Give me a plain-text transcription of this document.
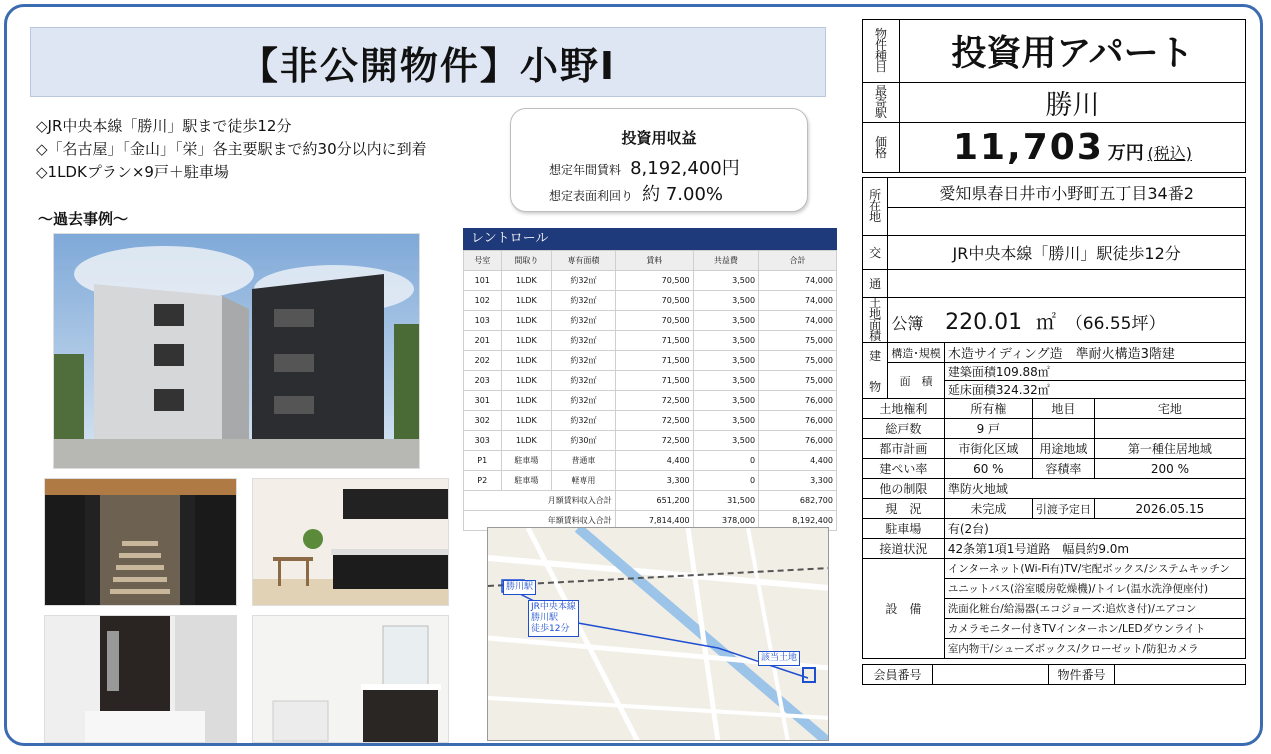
【非公開物件】小野Ⅰ
◇JR中央本線「勝川」駅まで徒歩12分
◇「名古屋」「金山」「栄」各主要駅まで約30分以内に到着
◇1LDKプラン×9戸＋駐車場
投資用収益
想定年間賃料 8,192,400円
想定表面利回り 約 7.00%
～過去事例～
レントロール
号室	間取り	専有面積	賃料	共益費	合計
101	1LDK	約32㎡	70,500	3,500	74,000
102	1LDK	約32㎡	70,500	3,500	74,000
103	1LDK	約32㎡	70,500	3,500	74,000
201	1LDK	約32㎡	71,500	3,500	75,000
202	1LDK	約32㎡	71,500	3,500	75,000
203	1LDK	約32㎡	71,500	3,500	75,000
301	1LDK	約32㎡	72,500	3,500	76,000
302	1LDK	約32㎡	72,500	3,500	76,000
303	1LDK	約30㎡	72,500	3,500	76,000
P1	駐車場	普通車	4,400	0	4,400
P2	駐車場	軽専用	3,300	0	3,300
月額賃料収入合計			651,200	31,500	682,700
年額賃料収入合計			7,814,400	378,000	8,192,400
勝川駅
JR中央本線
勝川駅
徒歩12分
該当土地
物
件
種
目	投資用アパート
最
寄
駅	勝川
価
格	11,703 万円 (税込)
所
在
地	愛知県春日井市小野町五丁目34番2			

交	JR中央本線「勝川」駅徒歩12分			
通				
土地
面積	公簿 220.01 ㎡ （66.55坪）			
建

物	構造･規模	木造サイディング造　準耐火構造3階建		
	面　積	建築面積109.88㎡		
		延床面積324.32㎡		
土地権利		所有権	地目	宅地
総戸数		9 戸		
都市計画		市街化区域	用途地域	第一種住居地域
建ぺい率		60 %	容積率	200 %
他の制限		準防火地域		
現　況		未完成	引渡予定日	2026.05.15
駐車場		有(2台)		
接道状況		42条第1項1号道路　幅員約9.0m		
設　備		インターネット(Wi-Fi有)TV/宅配ボックス/システムキッチン		
		ユニットバス(浴室暖房乾燥機)/トイレ(温水洗浄便座付)		
		洗面化粧台/給湯器(エコジョーズ:追炊き付)/エアコン		
		カメラモニター付きTVインターホン/LEDダウンライト		
		室内物干/シューズボックス/クローゼット/防犯カメラ		
会員番号		物件番号	
